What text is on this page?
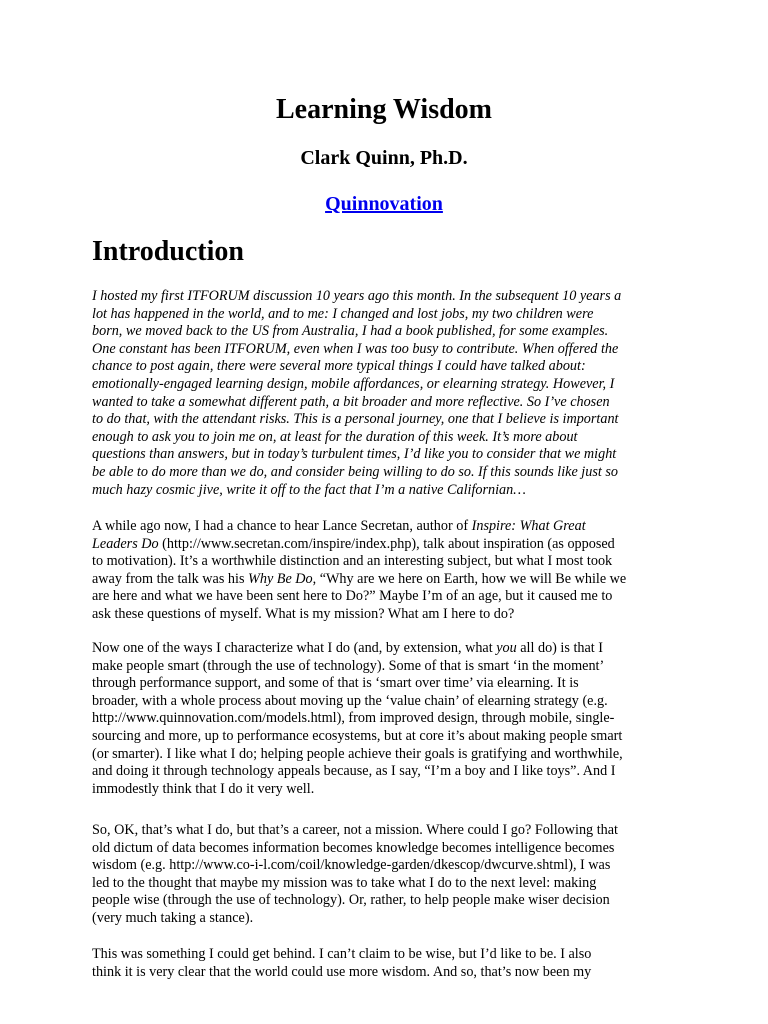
Learning Wisdom

Clark Quinn, Ph.D.

Quinnovation

Introduction
I hosted my first ITFORUM discussion 10 years ago this month. In the subsequent 10 years a
lot has happened in the world, and to me: I changed and lost jobs, my two children were
born, we moved back to the US from Australia, I had a book published, for some examples.
One constant has been ITFORUM, even when I was too busy to contribute. When offered the
chance to post again, there were several more typical things I could have talked about:
emotionally-engaged learning design, mobile affordances, or elearning strategy. However, I
wanted to take a somewhat different path, a bit broader and more reflective. So I’ve chosen
to do that, with the attendant risks. This is a personal journey, one that I believe is important
enough to ask you to join me on, at least for the duration of this week. It’s more about
questions than answers, but in today’s turbulent times, I’d like you to consider that we might
be able to do more than we do, and consider being willing to do so. If this sounds like just so
much hazy cosmic jive, write it off to the fact that I’m a native Californian…
A while ago now, I had a chance to hear Lance Secretan, author of Inspire: What Great
Leaders Do (http://www.secretan.com/inspire/index.php), talk about inspiration (as opposed
to motivation). It’s a worthwhile distinction and an interesting subject, but what I most took
away from the talk was his Why Be Do, “Why are we here on Earth, how we will Be while we
are here and what we have been sent here to Do?” Maybe I’m of an age, but it caused me to
ask these questions of myself. What is my mission? What am I here to do?
Now one of the ways I characterize what I do (and, by extension, what you all do) is that I
make people smart (through the use of technology). Some of that is smart ‘in the moment’
through performance support, and some of that is ‘smart over time’ via elearning. It is
broader, with a whole process about moving up the ‘value chain’ of elearning strategy (e.g.
http://www.quinnovation.com/models.html), from improved design, through mobile, single-
sourcing and more, up to performance ecosystems, but at core it’s about making people smart
(or smarter). I like what I do; helping people achieve their goals is gratifying and worthwhile,
and doing it through technology appeals because, as I say, “I’m a boy and I like toys”. And I
immodestly think that I do it very well.
So, OK, that’s what I do, but that’s a career, not a mission. Where could I go? Following that
old dictum of data becomes information becomes knowledge becomes intelligence becomes
wisdom (e.g. http://www.co-i-l.com/coil/knowledge-garden/dkescop/dwcurve.shtml), I was
led to the thought that maybe my mission was to take what I do to the next level: making
people wise (through the use of technology). Or, rather, to help people make wiser decision
(very much taking a stance).
This was something I could get behind. I can’t claim to be wise, but I’d like to be. I also
think it is very clear that the world could use more wisdom. And so, that’s now been my
